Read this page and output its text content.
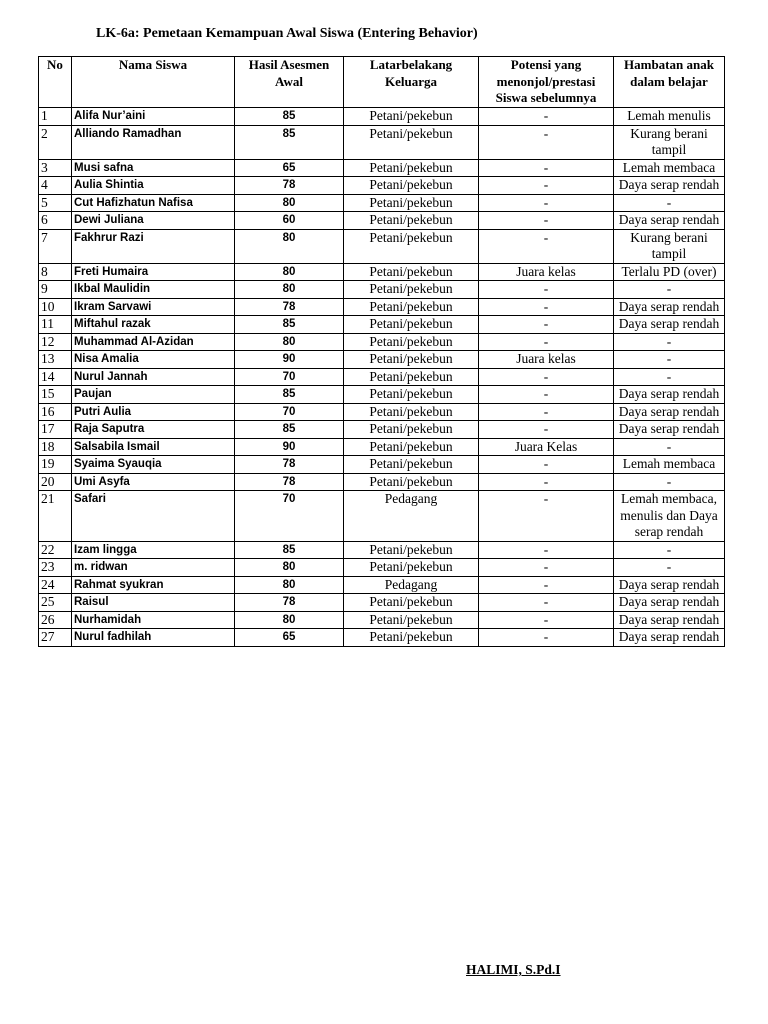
LK-6a: Pemetaan Kemampuan Awal Siswa (Entering Behavior)
No	Nama Siswa	Hasil Asesmen Awal	Latarbelakang Keluarga	Potensi yang menonjol/prestasi Siswa sebelumnya	Hambatan anak dalam belajar
1	Alifa Nur’aini	85	Petani/pekebun	-	Lemah menulis
2	Alliando Ramadhan	85	Petani/pekebun	-	Kurang berani tampil
3	Musi safna	65	Petani/pekebun	-	Lemah membaca
4	Aulia Shintia	78	Petani/pekebun	-	Daya serap rendah
5	Cut Hafizhatun Nafisa	80	Petani/pekebun	-	-
6	Dewi Juliana	60	Petani/pekebun	-	Daya serap rendah
7	Fakhrur Razi	80	Petani/pekebun	-	Kurang berani tampil
8	Freti Humaira	80	Petani/pekebun	Juara kelas	Terlalu PD (over)
9	Ikbal Maulidin	80	Petani/pekebun	-	-
10	Ikram Sarvawi	78	Petani/pekebun	-	Daya serap rendah
11	Miftahul razak	85	Petani/pekebun	-	Daya serap rendah
12	Muhammad Al-Azidan	80	Petani/pekebun	-	-
13	Nisa Amalia	90	Petani/pekebun	Juara kelas	-
14	Nurul Jannah	70	Petani/pekebun	-	-
15	Paujan	85	Petani/pekebun	-	Daya serap rendah
16	Putri Aulia	70	Petani/pekebun	-	Daya serap rendah
17	Raja Saputra	85	Petani/pekebun	-	Daya serap rendah
18	Salsabila Ismail	90	Petani/pekebun	Juara Kelas	-
19	Syaima Syauqia	78	Petani/pekebun	-	Lemah membaca
20	Umi Asyfa	78	Petani/pekebun	-	-
21	Safari	70	Pedagang	-	Lemah membaca, menulis dan Daya serap rendah
22	Izam lingga	85	Petani/pekebun	-	-
23	m. ridwan	80	Petani/pekebun	-	-
24	Rahmat syukran	80	Pedagang	-	Daya serap rendah
25	Raisul	78	Petani/pekebun	-	Daya serap rendah
26	Nurhamidah	80	Petani/pekebun	-	Daya serap rendah
27	Nurul fadhilah	65	Petani/pekebun	-	Daya serap rendah
HALIMI, S.Pd.I
